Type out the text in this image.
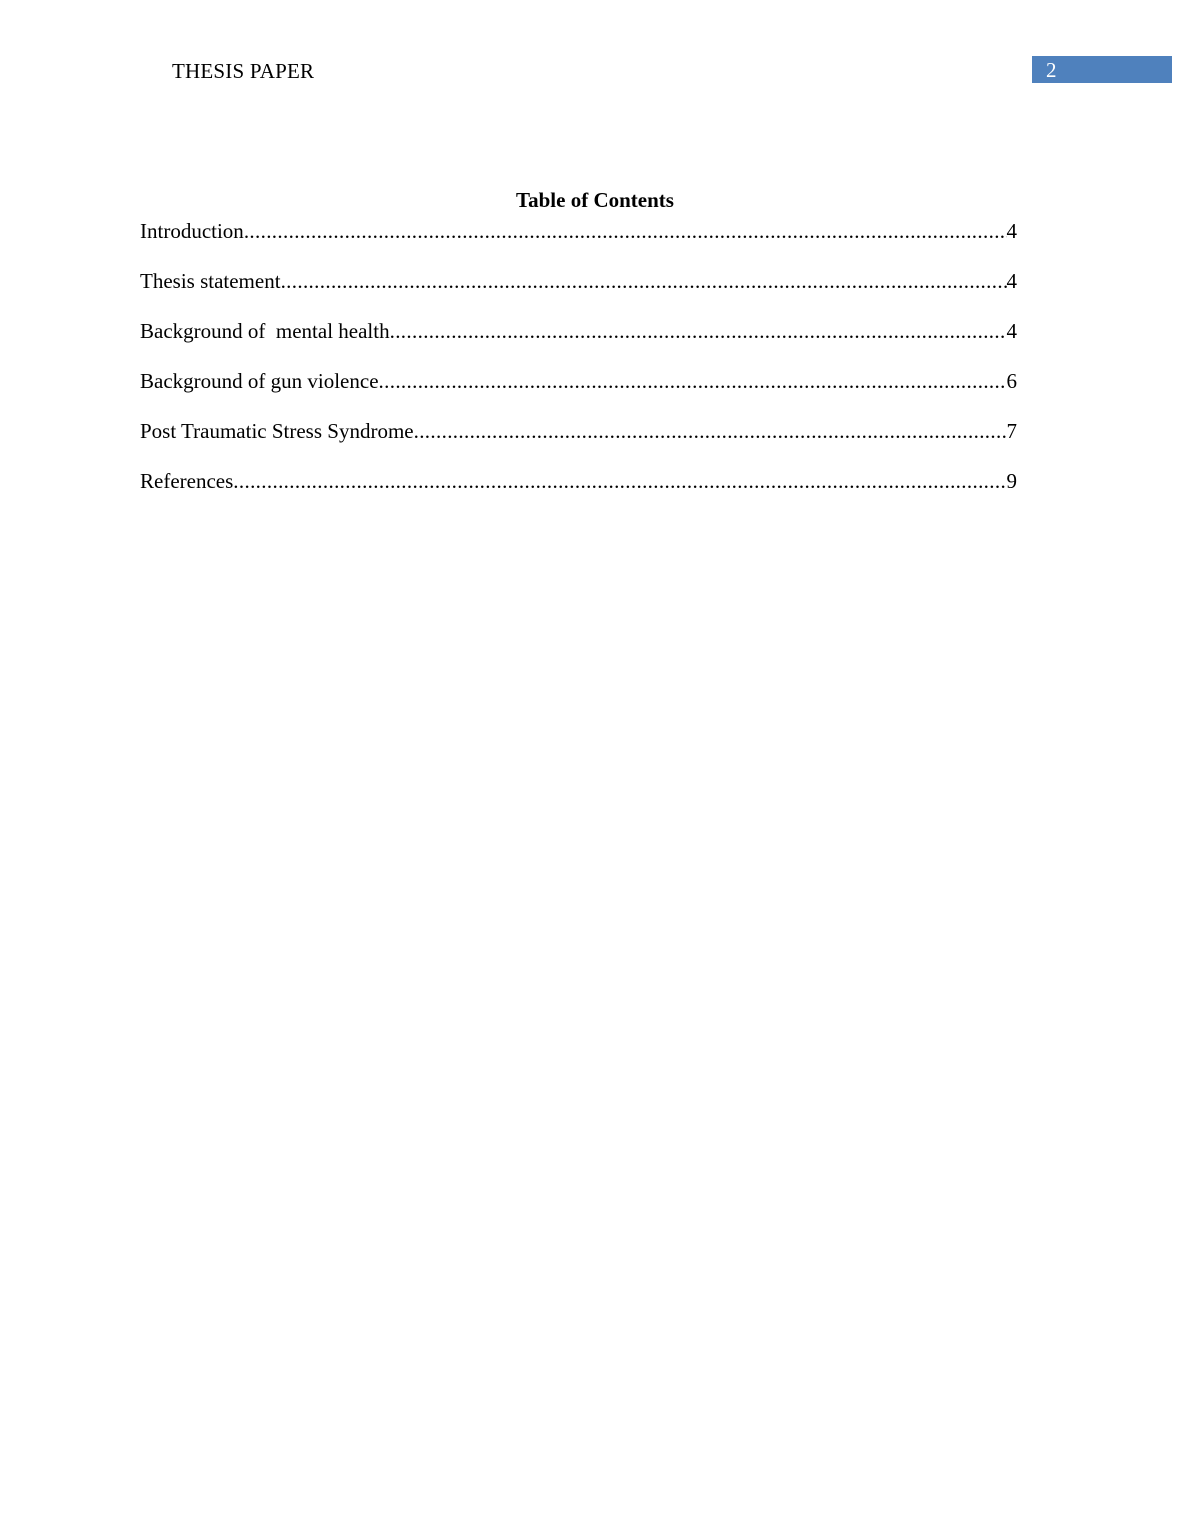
THESIS PAPER	2
Table of Contents
Introduction .....	4
Thesis statement .....	4
Background of  mental health .....	4
Background of gun violence .....	6
Post Traumatic Stress Syndrome .....	7
References .....	9
